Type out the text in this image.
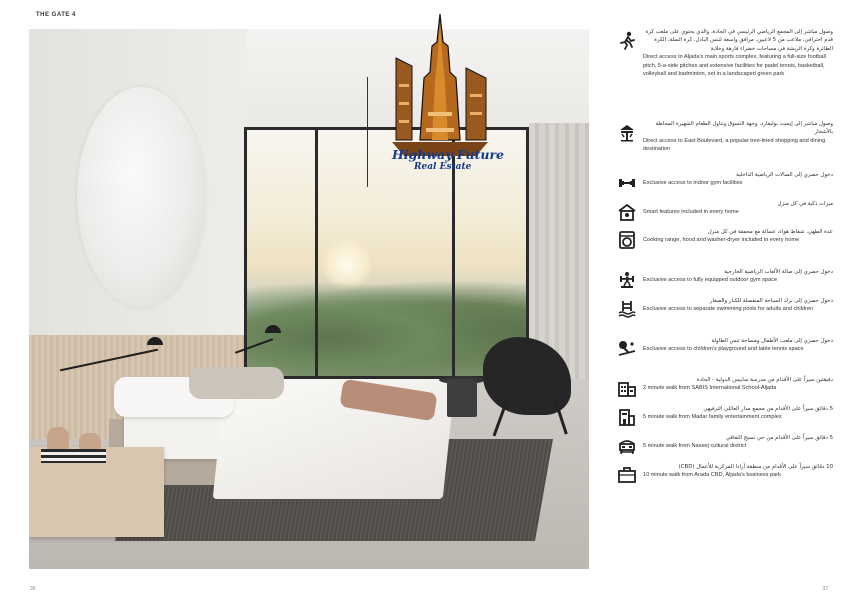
THE GATE 4
Highway Future
Real Estate
وصول مباشر إلى المجمع الرياضي الرئيسي في الجادة، والذي يحتوي على ملعب كرة قدم احترافي، ملاعب من 5 لاعبين، مرافق واسعة لتنس البادل، كرة السلة، الكرة الطائرة وكرة الريشة في مساحات خضراء فارهة وخلابة
Direct access to Aljada's main sports complex, featuring a full-size football pitch, 5-a-side pitches and extensive facilities for padel tennis, basketball, volleyball and badminton, set in a landscaped green park
وصول مباشر إلى إيست بوليفارد، وجهة التسوق وتناول الطعام الشهيرة المحاطة بالأشجار
Direct access to East Boulevard, a popular tree-lined shopping and dining destination
دخول حصري إلى الصالات الرياضية الداخلية
Exclusive access to indoor gym facilities
ميزات ذكية في كل منزل
Smart features included in every home
عدة الطهي، شفاط هواء، غسالة مع مجففة في كل منزل
Cooking range, hood and washer-dryer included in every home
دخول حصري إلى صالة الألعاب الرياضية الخارجية
Exclusive access to fully equipped outdoor gym space
دخول حصري إلى برك السباحة المنفصلة للكبار والصغار
Exclusive access to separate swimming pools for adults and children
دخول حصري إلى ملعب الأطفال ومساحة تنس الطاولة
Exclusive access to children's playground and table tennis space
دقيقتين سيراً على الأقدام من مدرسة سابيس الدولية - الجادة
2 minute walk from SABIS International School-Aljada
5 دقائق سيراً على الأقدام من مجمع مدار العائلي الترفيهي
5 minute walk from Madar family entertainment complex
5 دقائق سيراً على الأقدام من حي نسيج الثقافي
5 minute walk from Naseej cultural district
10 دقائق سيراً على الأقدام من منطقة أرادا المركزية للأعمال (CBD)
10 minute walk from Arada CBD, Aljada's business park
36	37
